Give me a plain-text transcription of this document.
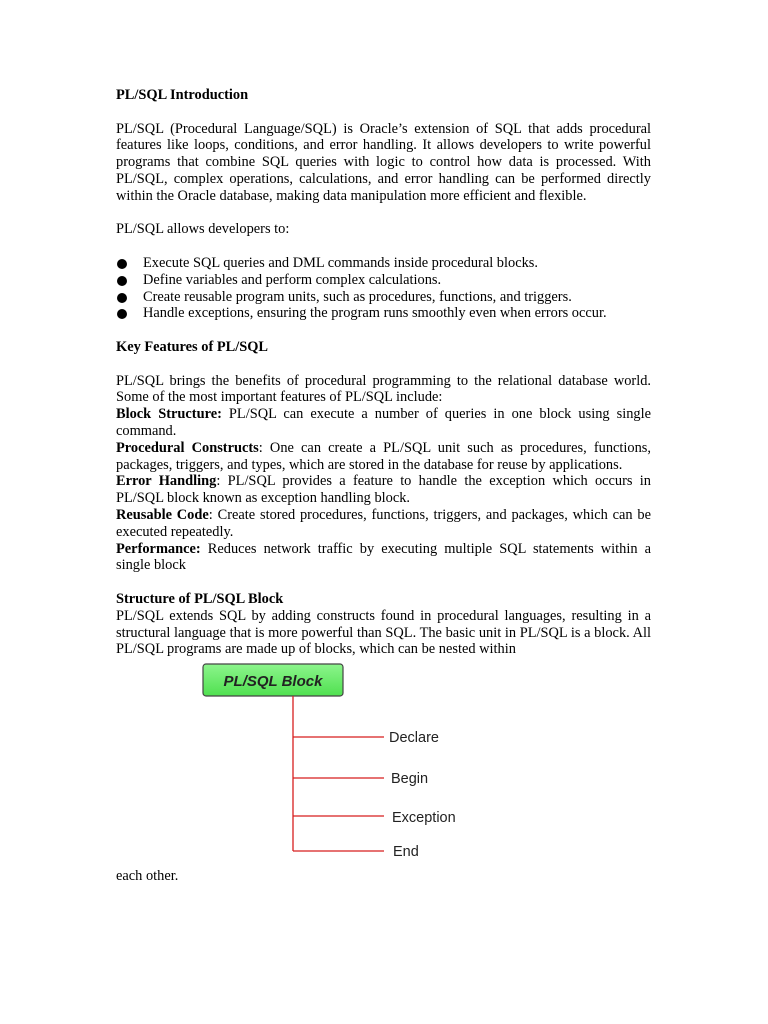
PL/SQL Introduction

PL/SQL (Procedural Language/SQL) is Oracle’s extension of SQL that adds procedural features like loops, conditions, and error handling. It allows developers to write powerful programs that combine SQL queries with logic to control how data is processed. With PL/SQL, complex operations, calculations, and error handling can be performed directly within the Oracle database, making data manipulation more efficient and flexible.

PL/SQL allows developers to:

Execute SQL queries and DML commands inside procedural blocks.
Define variables and perform complex calculations.
Create reusable program units, such as procedures, functions, and triggers.
Handle exceptions, ensuring the program runs smoothly even when errors occur.

Key Features of PL/SQL

PL/SQL brings the benefits of procedural programming to the relational database world. Some of the most important features of PL/SQL include:

Block Structure: PL/SQL can execute a number of queries in one block using single command.

Procedural Constructs: One can create a PL/SQL unit such as procedures, functions, packages, triggers, and types, which are stored in the database for reuse by applications.

Error Handling: PL/SQL provides a feature to handle the exception which occurs in PL/SQL block known as exception handling block.

Reusable Code: Create stored procedures, functions, triggers, and packages, which can be executed repeatedly.

Performance: Reduces network traffic by executing multiple SQL statements within a single block

Structure of PL/SQL Block

PL/SQL extends SQL by adding constructs found in procedural languages, resulting in a structural language that is more powerful than SQL. The basic unit in PL/SQL is a block. All PL/SQL programs are made up of blocks, which can be nested within

PL/SQL Block
Declare
Begin
Exception
End

each other.
